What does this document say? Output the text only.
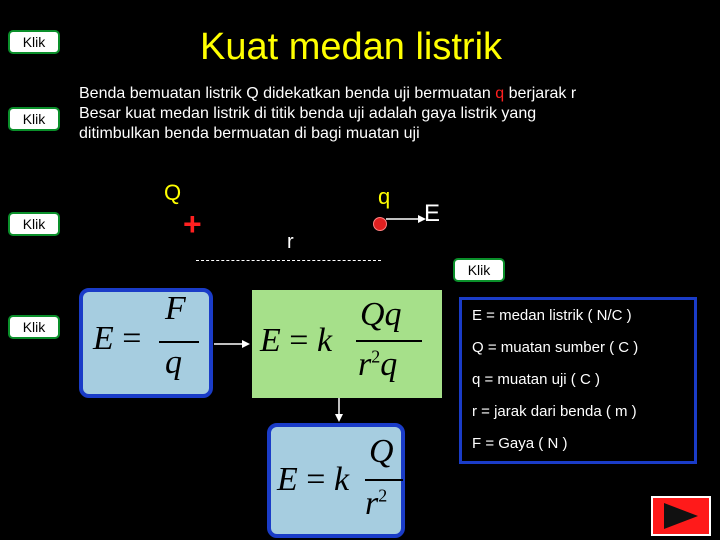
Klik
Klik
Klik
Klik
Klik
Kuat medan listrik
Benda bemuatan listrik Q didekatkan benda uji bermuatan q berjarak r
Besar kuat medan listrik di titik benda uji adalah gaya listrik yang
ditimbulkan benda bermuatan di bagi muatan uji
Q
+
q
E
r
E =
F
q
E = k
Qq
$r^2q$
E = k
Q
$r^2$
E = medan listrik ( N/C )
Q = muatan sumber ( C )
q = muatan uji ( C )
r = jarak dari benda ( m )
F = Gaya ( N )
